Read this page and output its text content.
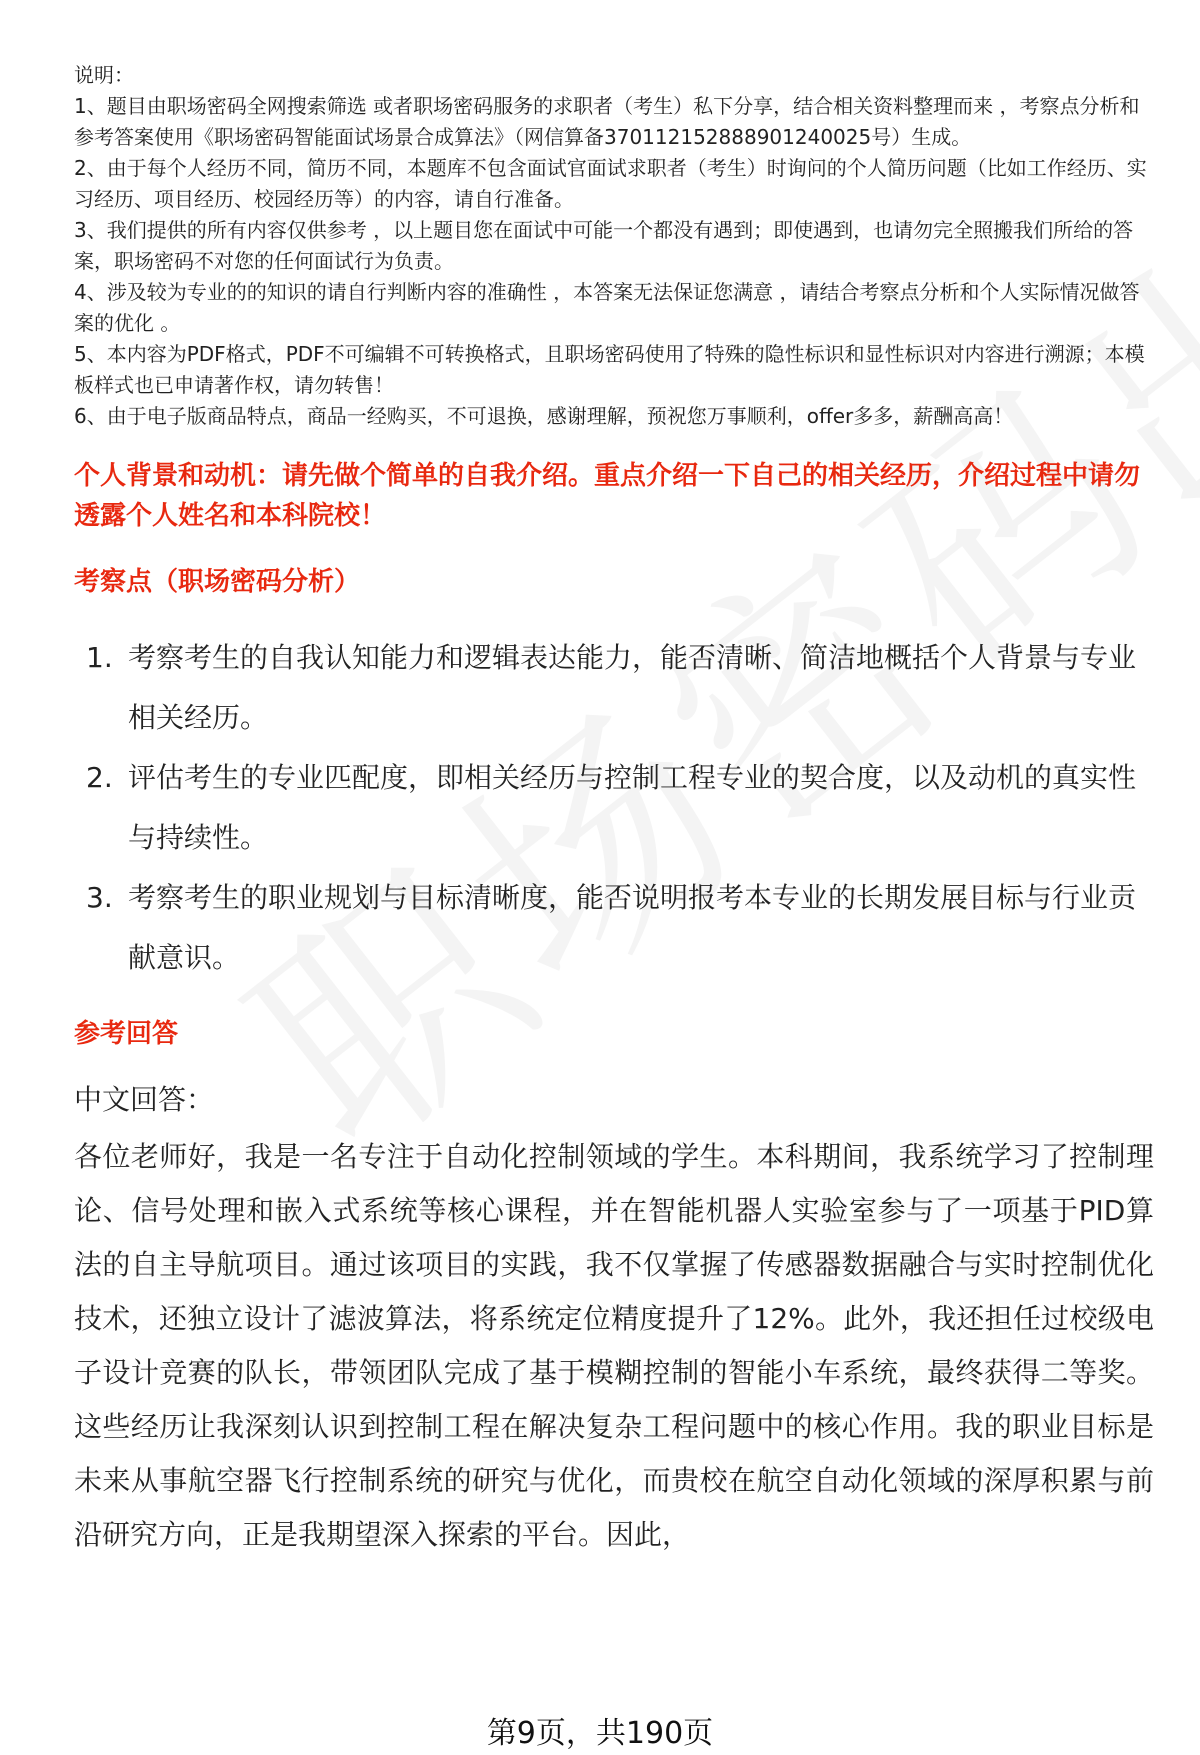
说明：

1、题目由职场密码全网搜索筛选 或者职场密码服务的求职者（考生）私下分享，结合相关资料整理而来 ，考察点分析和参考答案使用《职场密码智能面试场景合成算法》（网信算备370112152888901240025号）生成。

2、由于每个人经历不同，简历不同，本题库不包含面试官面试求职者（考生）时询问的个人简历问题（比如工作经历、实习经历、项目经历、校园经历等）的内容，请自行准备。

3、我们提供的所有内容仅供参考 ，以上题目您在面试中可能一个都没有遇到；即使遇到，也请勿完全照搬我们所给的答案，职场密码不对您的任何面试行为负责。

4、涉及较为专业的的知识的请自行判断内容的准确性 ，本答案无法保证您满意 ，请结合考察点分析和个人实际情况做答案的优化 。

5、本内容为PDF格式，PDF不可编辑不可转换格式，且职场密码使用了特殊的隐性标识和显性标识对内容进行溯源；本模板样式也已申请著作权，请勿转售！

6、由于电子版商品特点，商品一经购买，不可退换，感谢理解，预祝您万事顺利，offer多多，薪酬高高！

个人背景和动机：请先做个简单的自我介绍。重点介绍一下自己的相关经历，介绍过程中请勿透露个人姓名和本科院校！
考察点（职场密码分析）
1. 考察考生的自我认知能力和逻辑表达能力，能否清晰、简洁地概括个人背景与专业相关经历。
2. 评估考生的专业匹配度，即相关经历与控制工程专业的契合度，以及动机的真实性与持续性。
3. 考察考生的职业规划与目标清晰度，能否说明报考本专业的长期发展目标与行业贡献意识。
参考回答
中文回答：

各位老师好，我是一名专注于自动化控制领域的学生。本科期间，我系统学习了控制理论、信号处理和嵌入式系统等核心课程，并在智能机器人实验室参与了一项基于PID算法的自主导航项目。通过该项目的实践，我不仅掌握了传感器数据融合与实时控制优化技术，还独立设计了滤波算法，将系统定位精度提升了12%。此外，我还担任过校级电子设计竞赛的队长，带领团队完成了基于模糊控制的智能小车系统，最终获得二等奖。这些经历让我深刻认识到控制工程在解决复杂工程问题中的核心作用。我的职业目标是未来从事航空器飞行控制系统的研究与优化，而贵校在航空自动化领域的深厚积累与前沿研究方向，正是我期望深入探索的平台。因此，

第9页，共190页
